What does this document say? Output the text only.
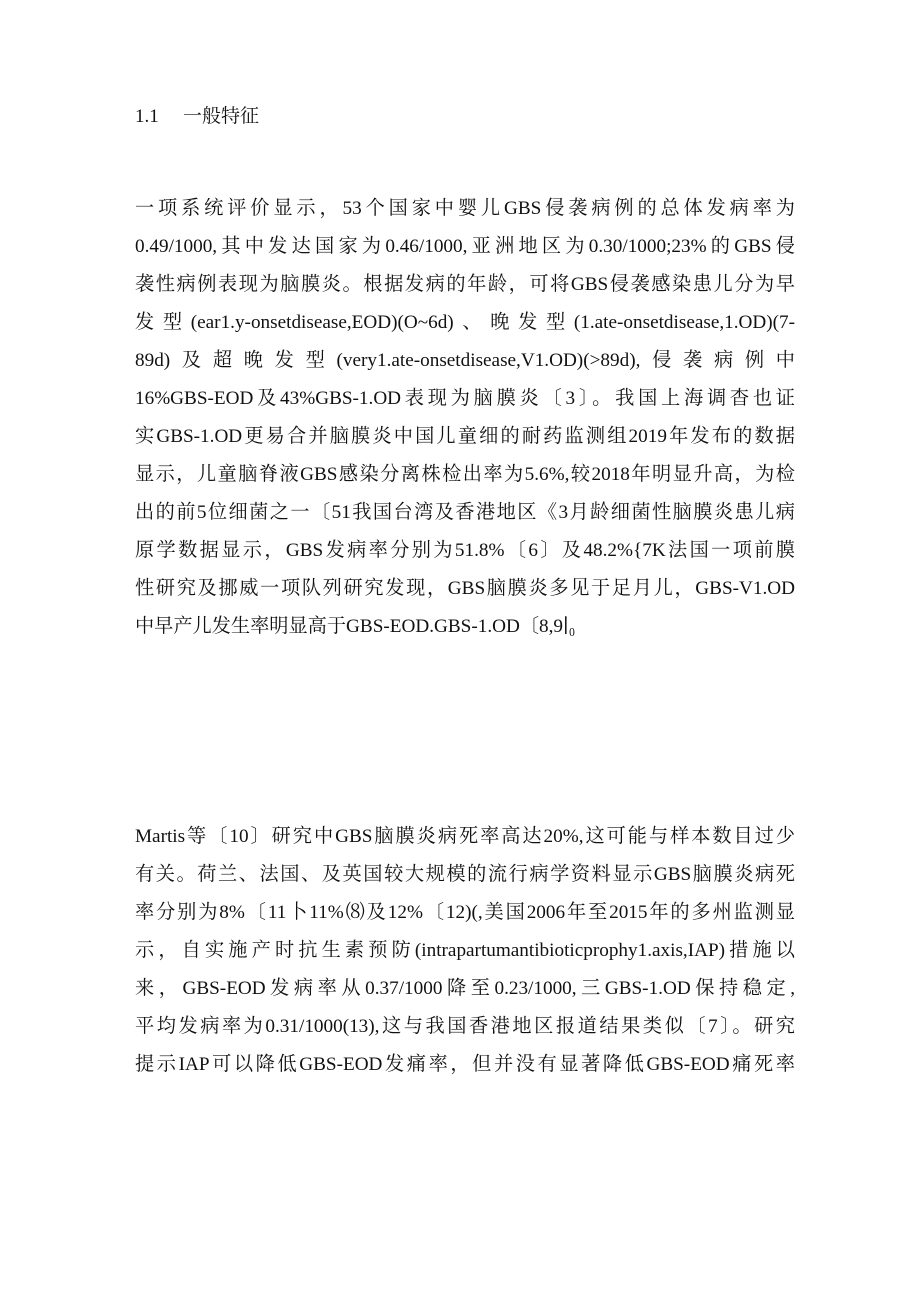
1.1 一般特征
一项系统评价显示，53个国家中婴儿GBS侵袭病例的总体发病率为
0.49/1000,其中发达国家为0.46/1000,亚洲地区为0.30/1000;23%的GBS侵
袭性病例表现为脑膜炎。根据发病的年龄，可将GBS侵袭感染患儿分为早
发型(ear1.y-onsetdisease,EOD)(O~6d)、晚发型(1.ate-onsetdisease,1.OD)(7-
89d)及超晚发型(very1.ate-onsetdisease,V1.OD)(>89d),侵袭病例中
16%GBS-EOD及43%GBS-1.OD表现为脑膜炎〔3〕。我国上海调杳也证
实GBS-1.OD更易合并脑膜炎中国儿童细的耐药监测组2019年发布的数据
显示，儿童脑脊液GBS感染分离株检出率为5.6%,较2018年明显升高，为检
出的前5位细菌之一〔51我国台湾及香港地区《3月龄细菌性脑膜炎患儿病
原学数据显示，GBS发病率分别为51.8%〔6〕及48.2%{7K法国一项前膜
性研究及挪威一项队列研究发现，GBS脑膜炎多见于足月儿，GBS-V1.OD
中早产儿发生率明显高于GBS-EOD.GBS-1.OD〔8,9∣₀
Martis等〔10〕研究中GBS脑膜炎病死率高达20%,这可能与样本数目过少
有关。荷兰、法国、及英国较大规模的流行病学资料显示GBS脑膜炎病死
率分别为8%〔11卜11%⑻及12%〔12)(,美国2006年至2015年的多州监测显
示，自实施产时抗生素预防(intrapartumantibioticprophy1.axis,IAP)措施以
来，GBS-EOD发病率从0.37/1000降至0.23/1000,三GBS-1.OD保持稳定,
平均发病率为0.31/1000(13),这与我国香港地区报道结果类似〔7〕。研究
提示IAP可以降低GBS-EOD发痛率，但并没有显著降低GBS-EOD痛死率
